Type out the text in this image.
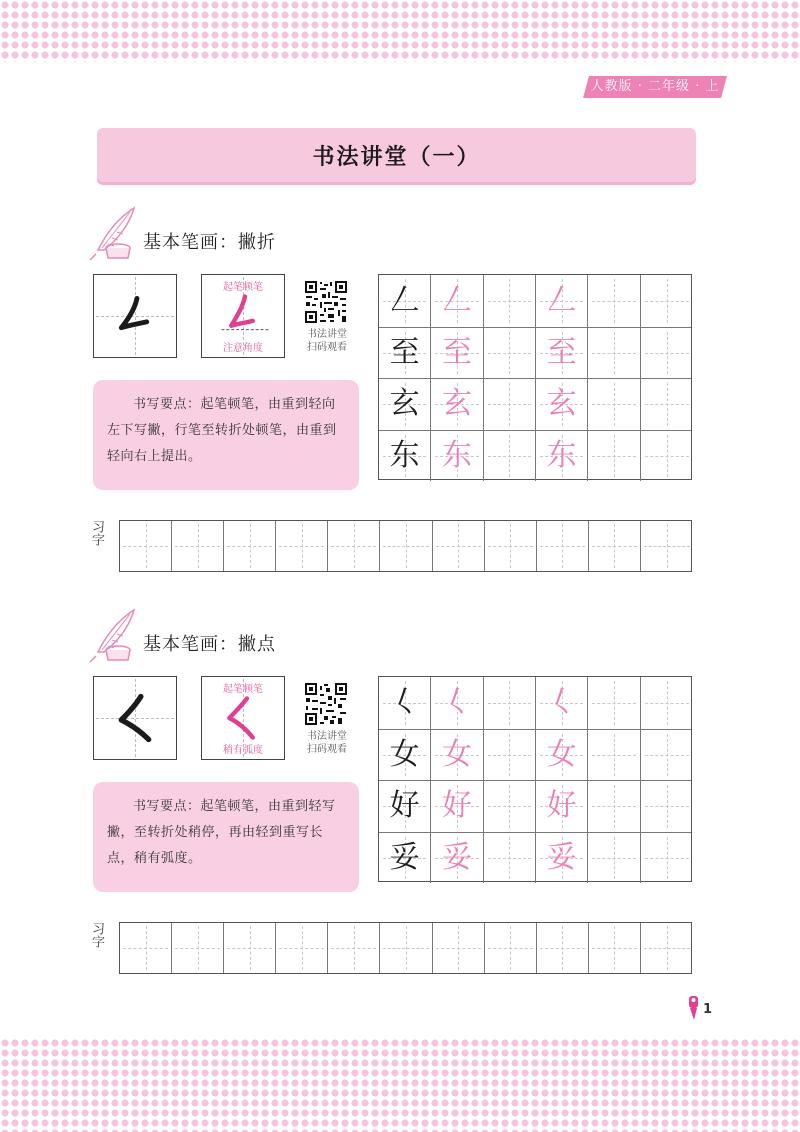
人教版 · 二年级 · 上
书法讲堂（一）
基本笔画：撇折
起笔顿笔
注意角度
书法讲堂
扫码观看

书写要点：起笔顿笔，由重到轻向左下写撇，行笔至转折处顿笔，由重到轻向右上提出。

𠃋 𠃋	𠃋
至 至	至
玄 玄	玄
东 东	东
习字
基本笔画：撇点
起笔顿笔
稍有弧度
书法讲堂
扫码观看

书写要点：起笔顿笔，由重到轻写撇，至转折处稍停，再由轻到重写长点，稍有弧度。

𡿨 𡿨	𡿨
女 女	女
好 好	好
妥 妥	妥
习字
1
